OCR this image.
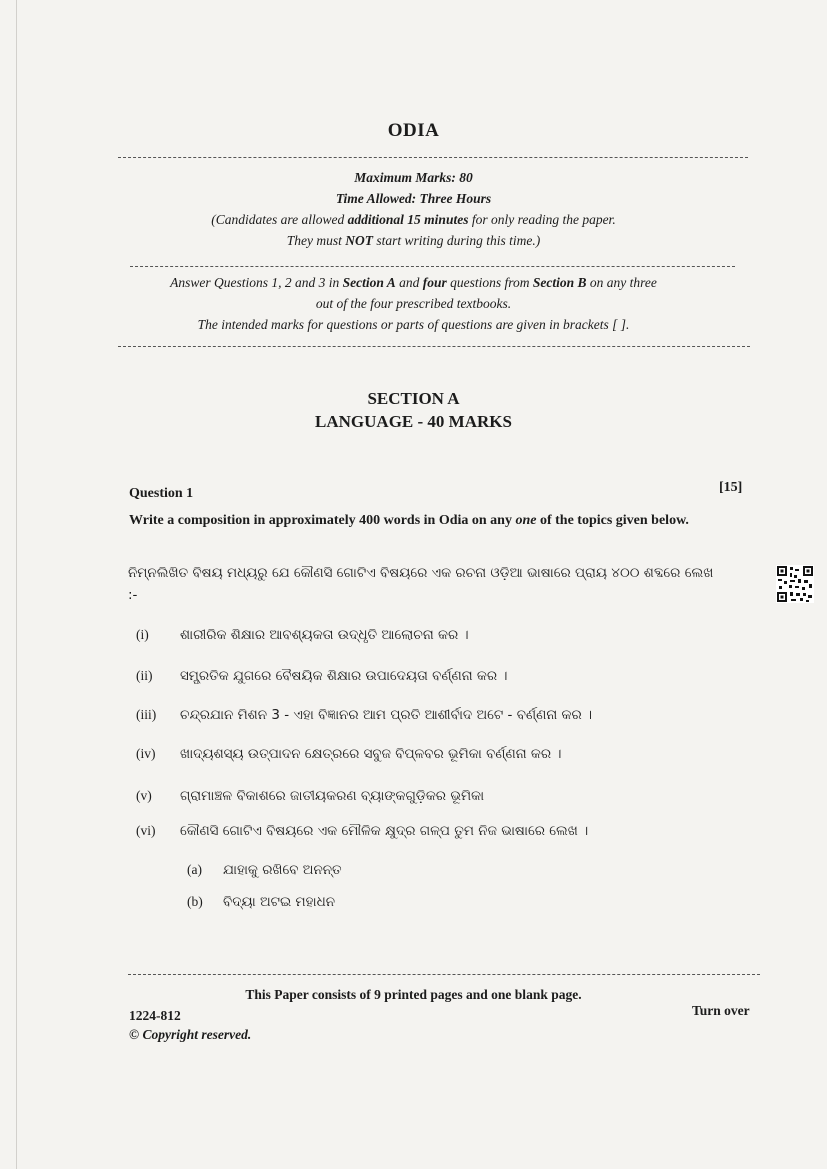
ODIA
Maximum Marks: 80
Time Allowed: Three Hours
(Candidates are allowed additional 15 minutes for only reading the paper.
They must NOT start writing during this time.)
Answer Questions 1, 2 and 3 in Section A and four questions from Section B on any three
out of the four prescribed textbooks.
The intended marks for questions or parts of questions are given in brackets [ ].
SECTION A
LANGUAGE - 40 MARKS
Question 1	[15]
Write a composition in approximately 400 words in Odia on any one of the topics given below.
ନିମ୍ନଲିଖିତ ବିଷୟ ମଧ୍ୟରୁ ଯେ କୌଣସି ଗୋଟିଏ ବିଷୟରେ ଏକ ରଚନା ଓଡ଼ିଆ ଭାଷାରେ ପ୍ରାୟ ୪୦୦ ଶବ୍ଦରେ ଲେଖ :-
(i) ଶାରୀରିକ ଶିକ୍ଷାର ଆବଶ୍ୟକତା ଉଦ୍ଧୃତି ଆଲୋଚନା କର ।
(ii) ସମ୍ପ୍ରତିକ ଯୁଗରେ ବୈଷୟିକ ଶିକ୍ଷାର ଉପାଦେୟତା ବର୍ଣ୍ଣନା କର ।
(iii) ଚନ୍ଦ୍ରଯାନ ମିଶନ 3 - ଏହା ବିଜ୍ଞାନର ଆମ ପ୍ରତି ଆଶୀର୍ବାଦ ଅଟେ - ବର୍ଣ୍ଣନା କର ।
(iv) ଖାଦ୍ୟଶସ୍ୟ ଉତ୍ପାଦନ କ୍ଷେତ୍ରରେ ସବୁଜ ବିପ୍ଳବର ଭୂମିକା ବର୍ଣ୍ଣନା କର ।
(v) ଗ୍ରାମାଞ୍ଚଳ ବିକାଶରେ ଜାତୀୟକରଣ ବ୍ୟାଙ୍କଗୁଡ଼ିକର ଭୂମିକା
(vi) କୌଣସି ଗୋଟିଏ ବିଷୟରେ ଏକ ମୌଳିକ କ୍ଷୁଦ୍ର ଗଳ୍ପ ତୁମ ନିଜ ଭାଷାରେ ଲେଖ ।
(a) ଯାହାକୁ ରଖିବେ ଅନନ୍ତ
(b) ବିଦ୍ୟା ଅଟଇ ମହାଧନ
This Paper consists of 9 printed pages and one blank page.
1224-812
© Copyright reserved.
Turn over
